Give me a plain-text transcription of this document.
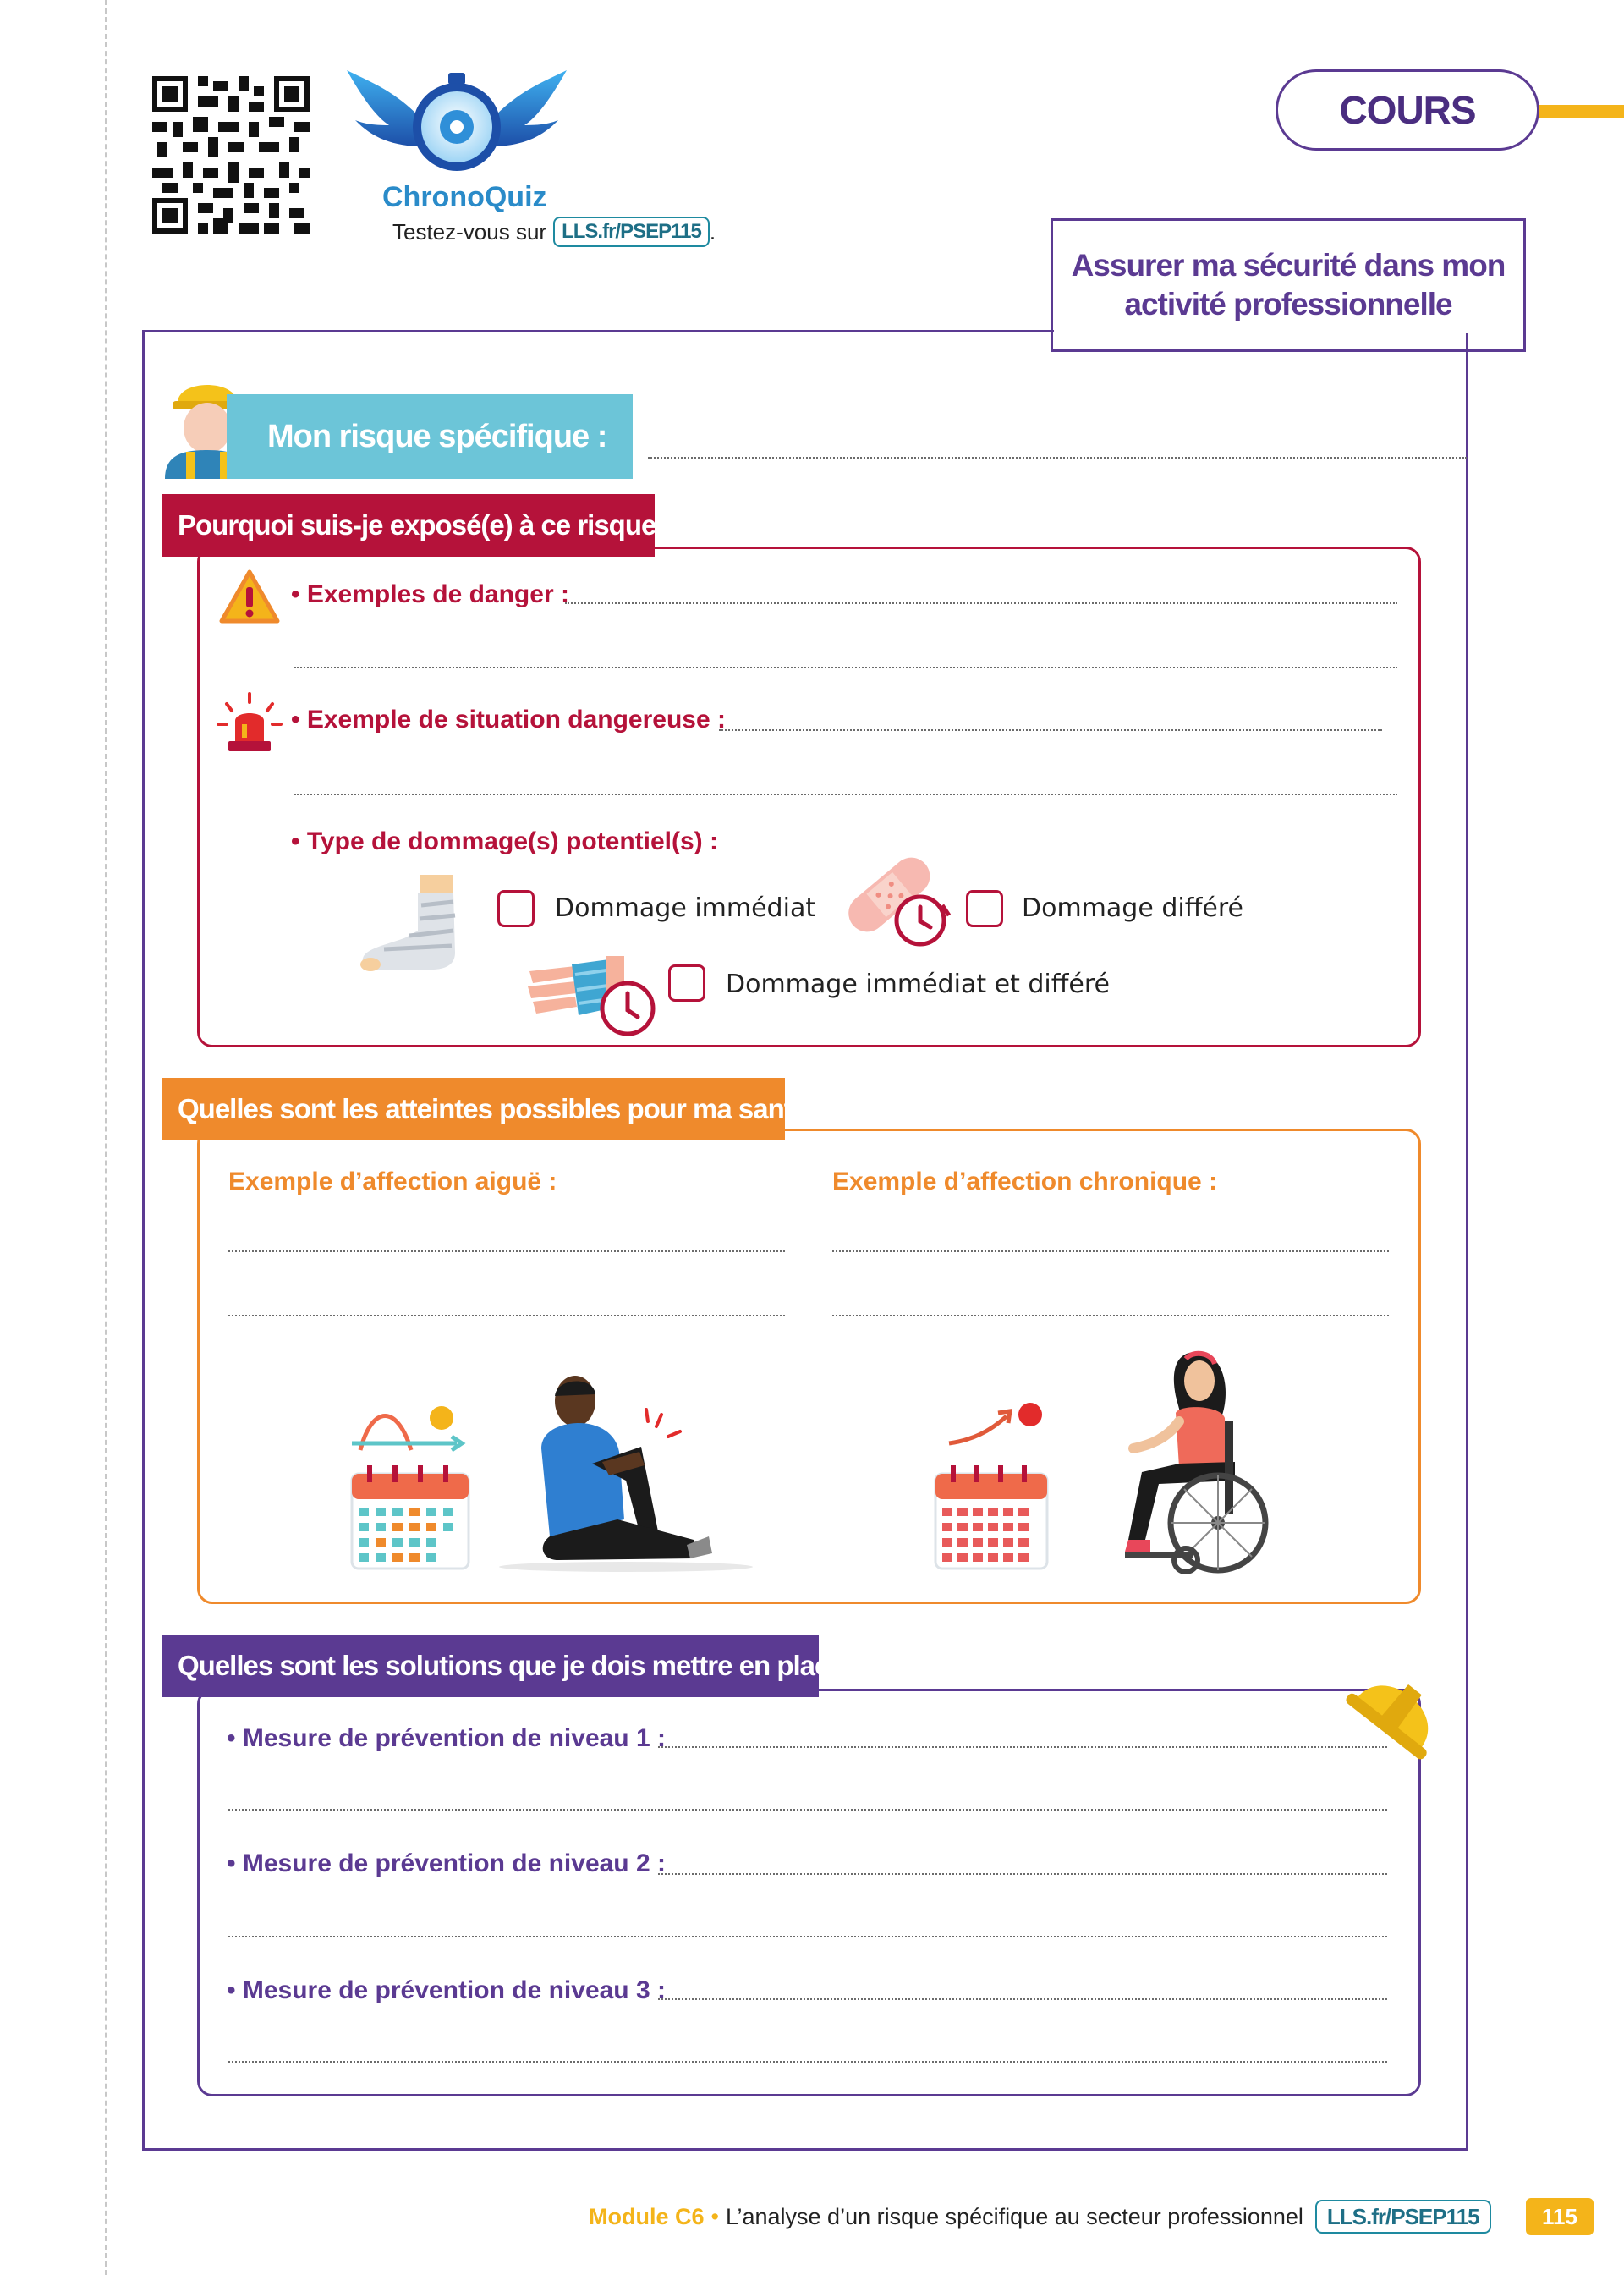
ChronoQuiz
Testez-vous sur LLS.fr/PSEP115 .
COURS
Assurer ma sécurité dans mon
activité professionnelle
Mon risque spécifique :
Pourquoi suis-je exposé(e) à ce risque ?
• Exemples de danger :
• Exemple de situation dangereuse :
• Type de dommage(s) potentiel(s) :
Dommage immédiat	Dommage différé
Dommage immédiat et différé
Quelles sont les atteintes possibles pour ma santé ?
Exemple d’affection aiguë :	Exemple d’affection chronique :
Quelles sont les solutions que je dois mettre en place ?
• Mesure de prévention de niveau 1 :
• Mesure de prévention de niveau 2 :
• Mesure de prévention de niveau 3 :
Module C6 • L’analyse d’un risque spécifique au secteur professionnel	LLS.fr/PSEP115	115
